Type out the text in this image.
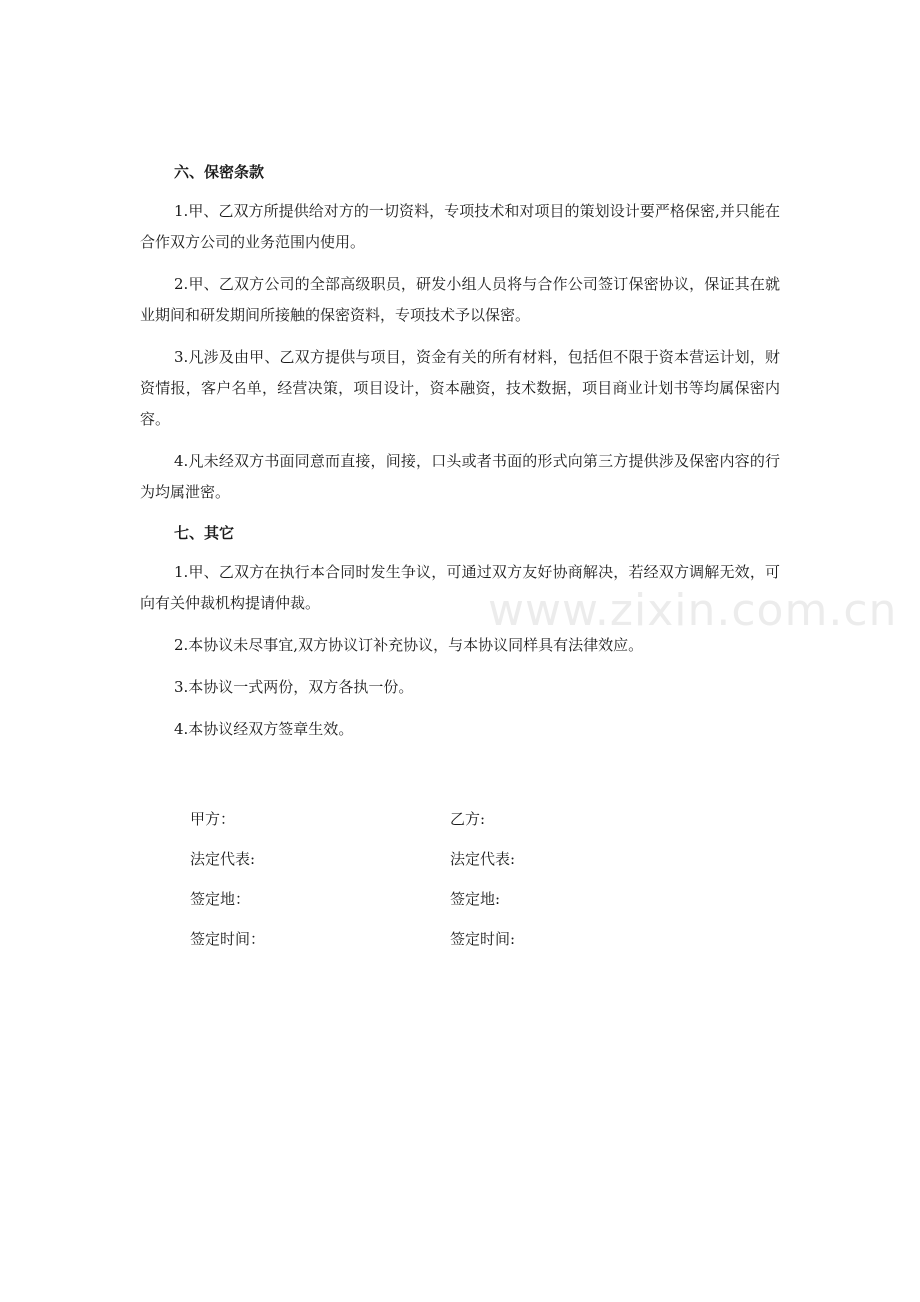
www.zixin.com.cn
六、保密条款

1.甲、乙双方所提供给对方的一切资料，专项技术和对项目的策划设计要严格保密,并只能在合作双方公司的业务范围内使用。

2.甲、乙双方公司的全部高级职员，研发小组人员将与合作公司签订保密协议，保证其在就业期间和研发期间所接触的保密资料，专项技术予以保密。

3.凡涉及由甲、乙双方提供与项目，资金有关的所有材料，包括但不限于资本营运计划，财资情报，客户名单，经营决策，项目设计，资本融资，技术数据，项目商业计划书等均属保密内容。

4.凡未经双方书面同意而直接，间接，口头或者书面的形式向第三方提供涉及保密内容的行为均属泄密。

七、其它

1.甲、乙双方在执行本合同时发生争议，可通过双方友好协商解决，若经双方调解无效，可向有关仲裁机构提请仲裁。

2.本协议未尽事宜,双方协议订补充协议，与本协议同样具有法律效应。

3.本协议一式两份，双方各执一份。

4.本协议经双方签章生效。

甲方：	乙方:
法定代表:	法定代表:
签定地：	签定地:
签定时间：	签定时间:
